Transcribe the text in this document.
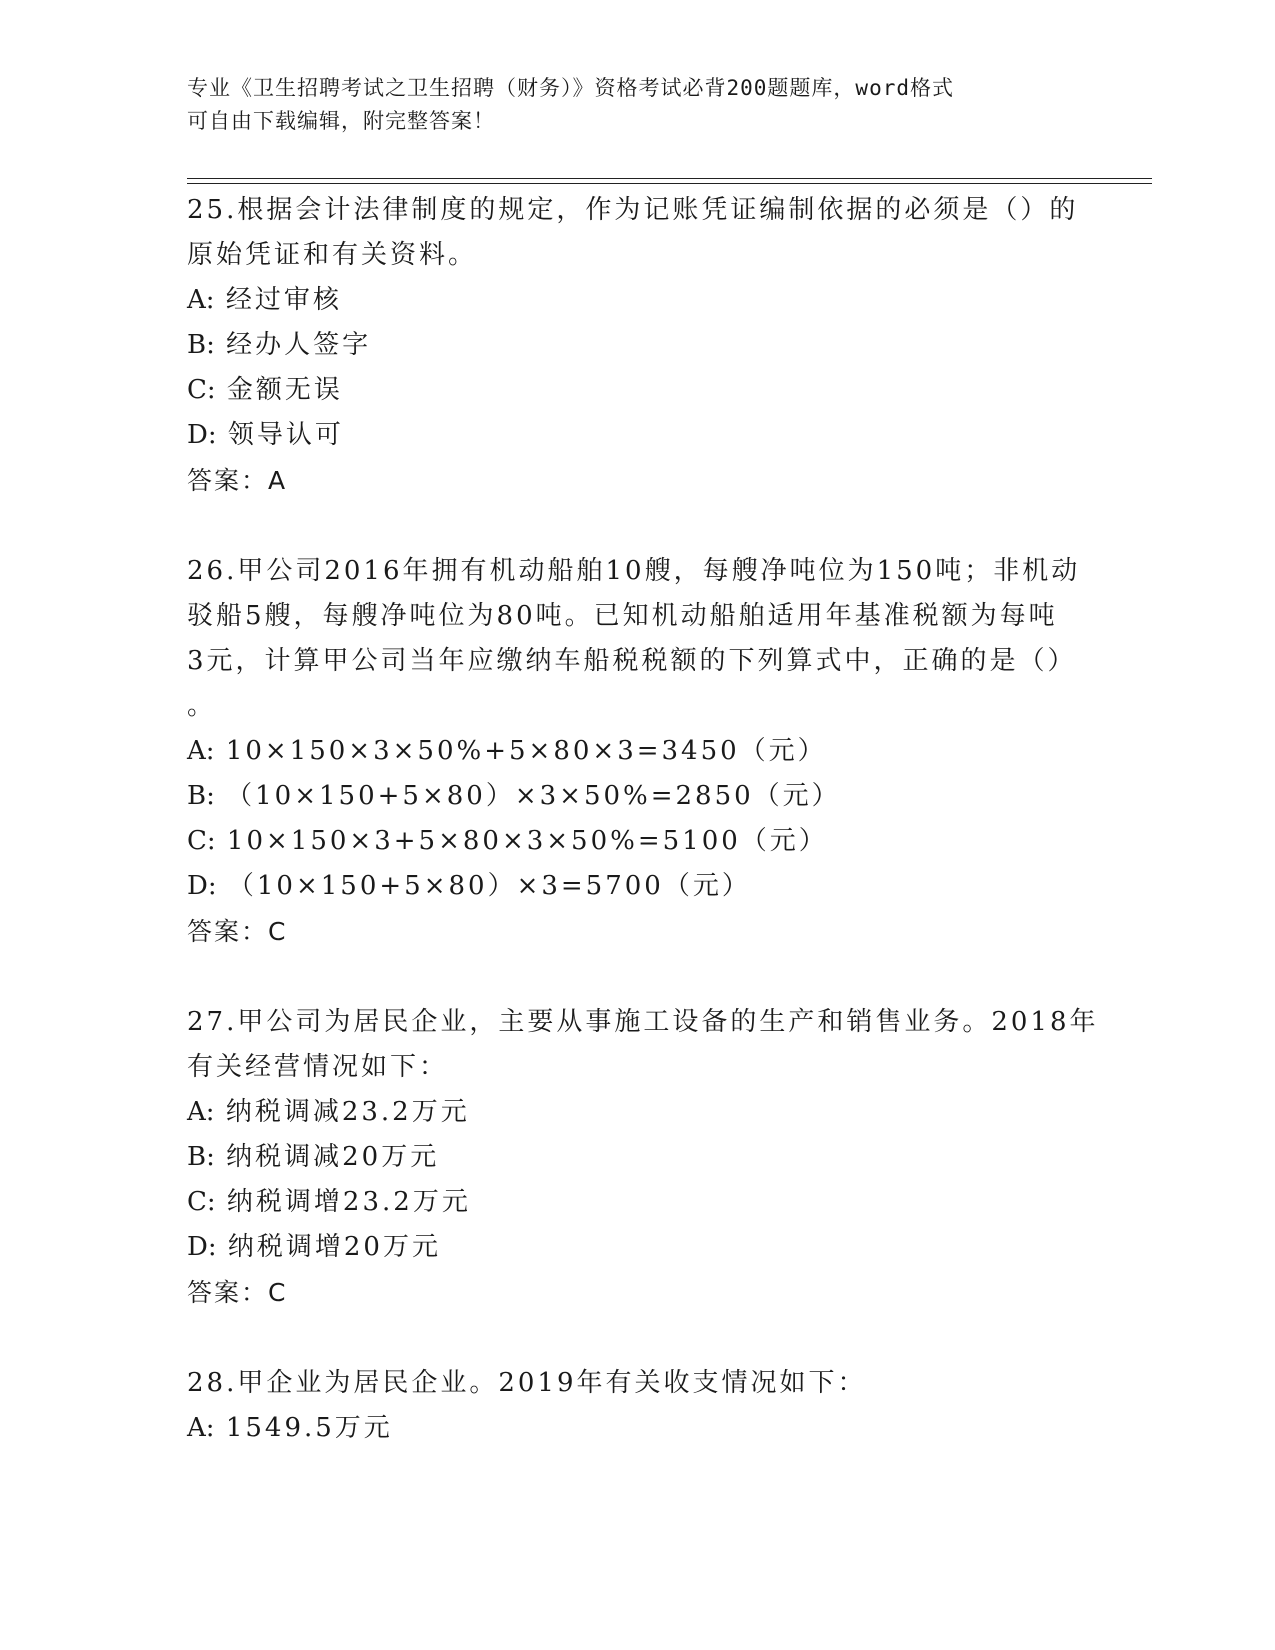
专业《卫生招聘考试之卫生招聘（财务）》资格考试必背200题题库，word格式
可自由下载编辑，附完整答案！
25.根据会计法律制度的规定，作为记账凭证编制依据的必须是（）的
原始凭证和有关资料。
A: 经过审核
B: 经办人签字
C: 金额无误
D: 领导认可
答案：A
26.甲公司2016年拥有机动船舶10艘，每艘净吨位为150吨；非机动
驳船5艘，每艘净吨位为80吨。已知机动船舶适用年基准税额为每吨
3元，计算甲公司当年应缴纳车船税税额的下列算式中，正确的是（）
。
A: 10×150×3×50%+5×80×3=3450（元）
B: （10×150+5×80）×3×50%=2850（元）
C: 10×150×3+5×80×3×50%=5100（元）
D: （10×150+5×80）×3=5700（元）
答案：C
27.甲公司为居民企业，主要从事施工设备的生产和销售业务。2018年
有关经营情况如下：
A: 纳税调减23.2万元
B: 纳税调减20万元
C: 纳税调增23.2万元
D: 纳税调增20万元
答案：C
28.甲企业为居民企业。2019年有关收支情况如下：
A: 1549.5万元
